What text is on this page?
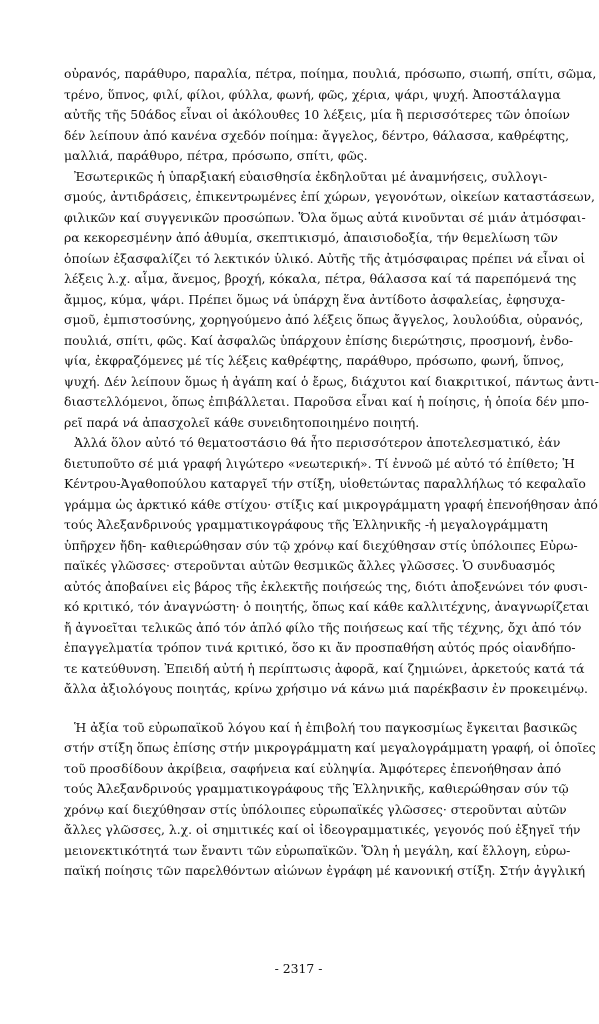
οὐρανός, παράθυρο, παραλία, πέτρα, ποίημα, πουλιά, πρόσωπο, σιωπή, σπίτι, σῶμα,
τρένο, ὕπνος, φιλί, φίλοι, φύλλα, φωνή, φῶς, χέρια, ψάρι, ψυχή. Ἀποστάλαγμα
αὐτῆς τῆς 50άδος εἶναι οἱ ἀκόλουθες 10 λέξεις, μία ἢ περισσότερες τῶν ὁποίων
δέν λείπουν ἀπό κανένα σχεδόν ποίημα: ἄγγελος, δέντρο, θάλασσα, καθρέφτης,
μαλλιά, παράθυρο, πέτρα, πρόσωπο, σπίτι, φῶς.
Ἐσωτερικῶς ἡ ὑπαρξιακή εὐαισθησία ἐκδηλοῦται μέ ἀναμνήσεις, συλλογι-
σμούς, ἀντιδράσεις, ἐπικεντρωμένες ἐπί χώρων, γεγονότων, οἰκείων καταστάσεων,
φιλικῶν καί συγγενικῶν προσώπων. Ὅλα ὅμως αὐτά κινοῦνται σέ μιάν ἀτμόσφαι-
ρα κεκορεσμένην ἀπό ἀθυμία, σκεπτικισμό, ἀπαισιοδοξία, τήν θεμελίωση τῶν
ὁποίων ἐξασφαλίζει τό λεκτικόν ὑλικό. Αὐτῆς τῆς ἀτμόσφαιρας πρέπει νά εἶναι οἱ
λέξεις λ.χ. αἷμα, ἄνεμος, βροχή, κόκαλα, πέτρα, θάλασσα καί τά παρεπόμενά της
ἄμμος, κύμα, ψάρι. Πρέπει ὅμως νά ὑπάρχη ἕνα ἀντίδοτο ἀσφαλείας, ἐφησυχα-
σμοῦ, ἐμπιστοσύνης, χορηγούμενο ἀπό λέξεις ὅπως ἄγγελος, λουλούδια, οὐρανός,
πουλιά, σπίτι, φῶς. Καί ἀσφαλῶς ὑπάρχουν ἐπίσης διερώτησις, προσμονή, ἐνδο-
ψία, ἐκφραζόμενες μέ τίς λέξεις καθρέφτης, παράθυρο, πρόσωπο, φωνή, ὕπνος,
ψυχή. Δέν λείπουν ὅμως ἡ ἀγάπη καί ὁ ἔρως, διάχυτοι καί διακριτικοί, πάντως ἀντι-
διαστελλόμενοι, ὅπως ἐπιβάλλεται. Παροῦσα εἶναι καί ἡ ποίησις, ἡ ὁποία δέν μπο-
ρεῖ παρά νά ἀπασχολεῖ κάθε συνειδητοποιημένο ποιητή.
Ἀλλά ὅλον αὐτό τό θεματοστάσιο θά ἦτο περισσότερον ἀποτελεσματικό, ἐάν
διετυποῦτο σέ μιά γραφή λιγώτερο «νεωτερική». Τί ἐννοῶ μέ αὐτό τό ἐπίθετο; Ἡ
Κέντρου-Ἀγαθοπούλου καταργεῖ τήν στίξη, υἱοθετώντας παραλλήλως τό κεφαλαῖο
γράμμα ὡς ἀρκτικό κάθε στίχου· στίξις καί μικρογράμματη γραφή ἐπενοήθησαν ἀπό
τούς Ἀλεξανδρινούς γραμματικογράφους τῆς Ἑλληνικῆς -ἡ μεγαλογράμματη
ὑπῆρχεν ἤδη- καθιερώθησαν σύν τῷ χρόνῳ καί διεχύθησαν στίς ὑπόλοιπες Εὐρω-
παϊκές γλῶσσες· στεροῦνται αὐτῶν θεσμικῶς ἄλλες γλῶσσες. Ὁ συνδυασμός
αὐτός ἀποβαίνει εἰς βάρος τῆς ἐκλεκτῆς ποιήσεώς της, διότι ἀποξενώνει τόν φυσι-
κό κριτικό, τόν ἀναγνώστη· ὁ ποιητής, ὅπως καί κάθε καλλιτέχνης, ἀναγνωρίζεται
ἤ ἀγνοεῖται τελικῶς ἀπό τόν ἁπλό φίλο τῆς ποιήσεως καί τῆς τέχνης, ὄχι ἀπό τόν
ἐπαγγελματία τρόπον τινά κριτικό, ὅσο κι ἄν προσπαθήση αὐτός πρός οἱανδήπο-
τε κατεύθυνση. Ἐπειδή αὐτή ἡ περίπτωσις ἀφορᾶ, καί ζημιώνει, ἀρκετούς κατά τά
ἄλλα ἀξιολόγους ποιητάς, κρίνω χρήσιμο νά κάνω μιά παρέκβασιν ἐν προκειμένῳ.
Ἡ ἀξία τοῦ εὐρωπαϊκοῦ λόγου καί ἡ ἐπιβολή του παγκοσμίως ἔγκειται βασικῶς
στήν στίξη ὅπως ἐπίσης στήν μικρογράμματη καί μεγαλογράμματη γραφή, οἱ ὁποῖες
τοῦ προσδίδουν ἀκρίβεια, σαφήνεια καί εὐληψία. Ἀμφότερες ἐπενοήθησαν ἀπό
τούς Ἀλεξανδρινούς γραμματικογράφους τῆς Ἑλληνικῆς, καθιερώθησαν σύν τῷ
χρόνῳ καί διεχύθησαν στίς ὑπόλοιπες εὐρωπαϊκές γλῶσσες· στεροῦνται αὐτῶν
ἄλλες γλῶσσες, λ.χ. οἱ σημιτικές καί οἱ ἰδεογραμματικές, γεγονός πού ἐξηγεῖ τήν
μειονεκτικότητά των ἔναντι τῶν εὐρωπαϊκῶν. Ὅλη ἡ μεγάλη, καί ἔλλογη, εὐρω-
παϊκή ποίησις τῶν παρελθόντων αἰώνων ἐγράφη μέ κανονική στίξη. Στήν ἀγγλική
- 2317 -
